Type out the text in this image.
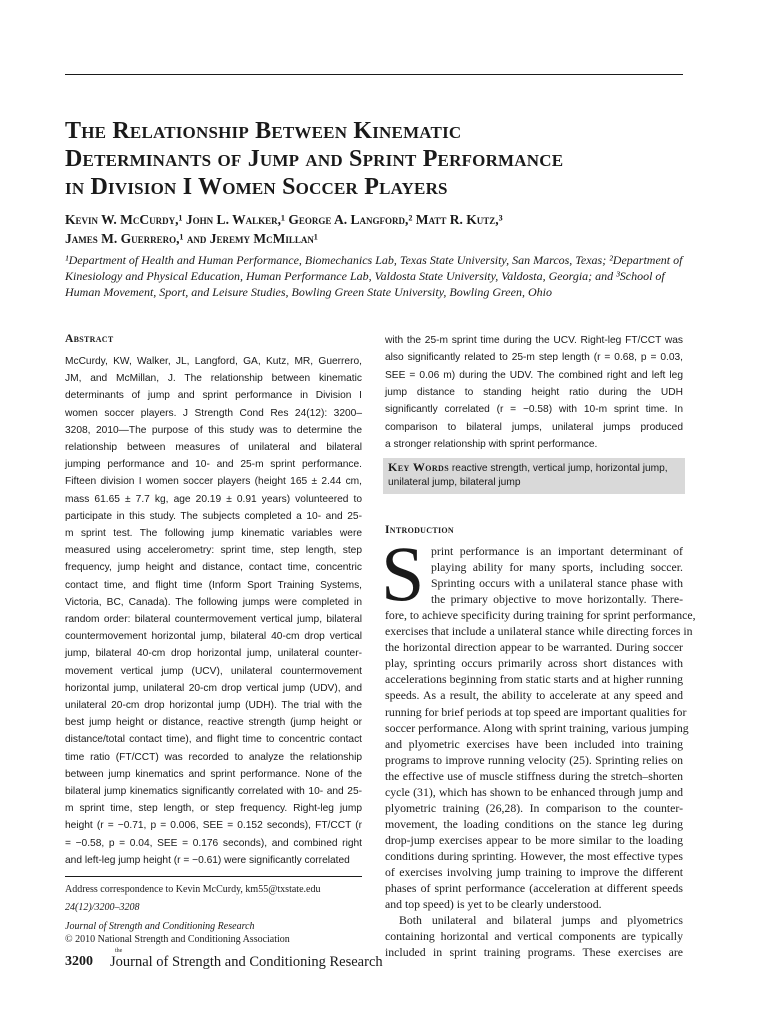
The Relationship Between Kinematic
Determinants of Jump and Sprint Performance
in Division I Women Soccer Players
Kevin W. McCurdy,¹ John L. Walker,¹ George A. Langford,² Matt R. Kutz,³
James M. Guerrero,¹ and Jeremy McMillan¹
¹Department of Health and Human Performance, Biomechanics Lab, Texas State University, San Marcos, Texas; ²Department of
Kinesiology and Physical Education, Human Performance Lab, Valdosta State University, Valdosta, Georgia; and ³School of
Human Movement, Sport, and Leisure Studies, Bowling Green State University, Bowling Green, Ohio
Abstract
McCurdy, KW, Walker, JL, Langford, GA, Kutz, MR, Guerrero,
JM, and McMillan, J. The relationship between kinematic
determinants of jump and sprint performance in Division I
women soccer players. J Strength Cond Res 24(12): 3200–
3208, 2010—The purpose of this study was to determine the
relationship between measures of unilateral and bilateral
jumping performance and 10- and 25-m sprint performance.
Fifteen division I women soccer players (height 165 ± 2.44 cm,
mass 61.65 ± 7.7 kg, age 20.19 ± 0.91 years) volunteered to
participate in this study. The subjects completed a 10- and 25-
m sprint test. The following jump kinematic variables were
measured using accelerometry: sprint time, step length, step
frequency, jump height and distance, contact time, concentric
contact time, and flight time (Inform Sport Training Systems,
Victoria, BC, Canada). The following jumps were completed in
random order: bilateral countermovement vertical jump, bilateral
countermovement horizontal jump, bilateral 40-cm drop vertical
jump, bilateral 40-cm drop horizontal jump, unilateral counter-
movement vertical jump (UCV), unilateral countermovement
horizontal jump, unilateral 20-cm drop vertical jump (UDV), and
unilateral 20-cm drop horizontal jump (UDH). The trial with the
best jump height or distance, reactive strength (jump height or
distance/total contact time), and flight time to concentric contact
time ratio (FT/CCT) was recorded to analyze the relationship
between jump kinematics and sprint performance. None of the
bilateral jump kinematics significantly correlated with 10- and 25-
m sprint time, step length, or step frequency. Right-leg jump
height (r = −0.71, p = 0.006, SEE = 0.152 seconds), FT/CCT (r
= −0.58, p = 0.04, SEE = 0.176 seconds), and combined right
and left-leg jump height (r = −0.61) were significantly correlated
with the 25-m sprint time during the UCV. Right-leg FT/CCT was
also significantly related to 25-m step length (r = 0.68, p = 0.03,
SEE = 0.06 m) during the UDV. The combined right and left leg
jump distance to standing height ratio during the UDH
significantly correlated (r = −0.58) with 10-m sprint time. In
comparison to bilateral jumps, unilateral jumps produced
a stronger relationship with sprint performance.
Key Words reactive strength, vertical jump, horizontal jump,
unilateral jump, bilateral jump
Introduction
S print performance is an important determinant of
playing ability for many sports, including soccer.
Sprinting occurs with a unilateral stance phase with
the primary objective to move horizontally. There-
fore, to achieve specificity during training for sprint performance,
exercises that include a unilateral stance while directing forces in
the horizontal direction appear to be warranted. During soccer
play, sprinting occurs primarily across short distances with
accelerations beginning from static starts and at higher running
speeds. As a result, the ability to accelerate at any speed and
running for brief periods at top speed are important qualities for
soccer performance. Along with sprint training, various jumping
and plyometric exercises have been included into training
programs to improve running velocity (25). Sprinting relies on
the effective use of muscle stiffness during the stretch–shorten
cycle (31), which has shown to be enhanced through jump and
plyometric training (26,28). In comparison to the counter-
movement, the loading conditions on the stance leg during
drop-jump exercises appear to be more similar to the loading
conditions during sprinting. However, the most effective types
of exercises involving jump training to improve the different
phases of sprint performance (acceleration at different speeds
and top speed) is yet to be clearly understood.
Both unilateral and bilateral jumps and plyometrics
containing horizontal and vertical components are typically
included in sprint training programs. These exercises are
Address correspondence to Kevin McCurdy, km55@txstate.edu
24(12)/3200–3208
Journal of Strength and Conditioning Research
© 2010 National Strength and Conditioning Association
3200
the
Journal of Strength and Conditioning Research
